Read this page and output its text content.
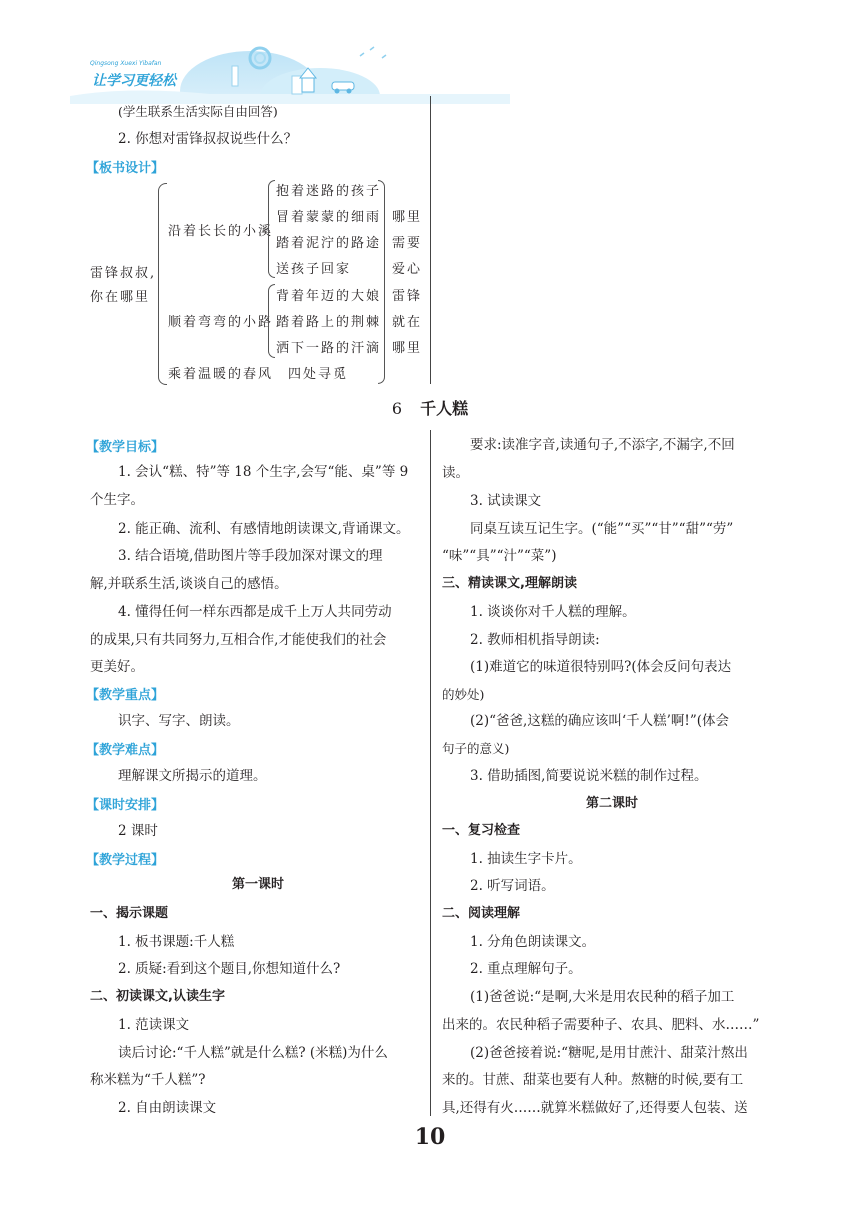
让学习更轻松
Qingsong Xuexi Yibafan
(学生联系生活实际自由回答)
2. 你想对雷锋叔叔说些什么？
【板书设计】
雷锋叔叔,
你在哪里
沿着长长的小溪
抱着迷路的孩子
冒着蒙蒙的细雨
踏着泥泞的路途
送孩子回家
顺着弯弯的小路
背着年迈的大娘
踏着路上的荆棘
洒下一路的汗滴
乘着温暖的春风　四处寻觅
哪里
需要
爱心
雷锋
就在
哪里
6 千人糕
【教学目标】
1. 会认“糕、特”等 18 个生字,会写“能、桌”等 9
个生字。
2. 能正确、流利、有感情地朗读课文,背诵课文。
3. 结合语境,借助图片等手段加深对课文的理
解,并联系生活,谈谈自己的感悟。
4. 懂得任何一样东西都是成千上万人共同劳动
的成果,只有共同努力,互相合作,才能使我们的社会
更美好。
【教学重点】
识字、写字、朗读。
【教学难点】
理解课文所揭示的道理。
【课时安排】
2 课时
【教学过程】
第一课时
一、揭示课题
1. 板书课题:千人糕
2. 质疑:看到这个题目,你想知道什么?
二、初读课文,认读生字
1. 范读课文
读后讨论:“千人糕”就是什么糕? (米糕)为什么
称米糕为“千人糕”?
2. 自由朗读课文
要求:读准字音,读通句子,不添字,不漏字,不回
读。
3. 试读课文
同桌互读互记生字。(“能”“买”“甘”“甜”“劳”
“味”“具”“汁”“菜”)
三、精读课文,理解朗读
1. 谈谈你对千人糕的理解。
2. 教师相机指导朗读:
(1)难道它的味道很特别吗?(体会反问句表达
的妙处)
(2)“爸爸,这糕的确应该叫‘千人糕’啊!”(体会
句子的意义)
3. 借助插图,简要说说米糕的制作过程。
第二课时
一、复习检查
1. 抽读生字卡片。
2. 听写词语。
二、阅读理解
1. 分角色朗读课文。
2. 重点理解句子。
(1)爸爸说:“是啊,大米是用农民种的稻子加工
出来的。农民种稻子需要种子、农具、肥料、水……”
(2)爸爸接着说:“糖呢,是用甘蔗汁、甜菜汁熬出
来的。甘蔗、甜菜也要有人种。熬糖的时候,要有工
具,还得有火……就算米糕做好了,还得要人包装、送
10
